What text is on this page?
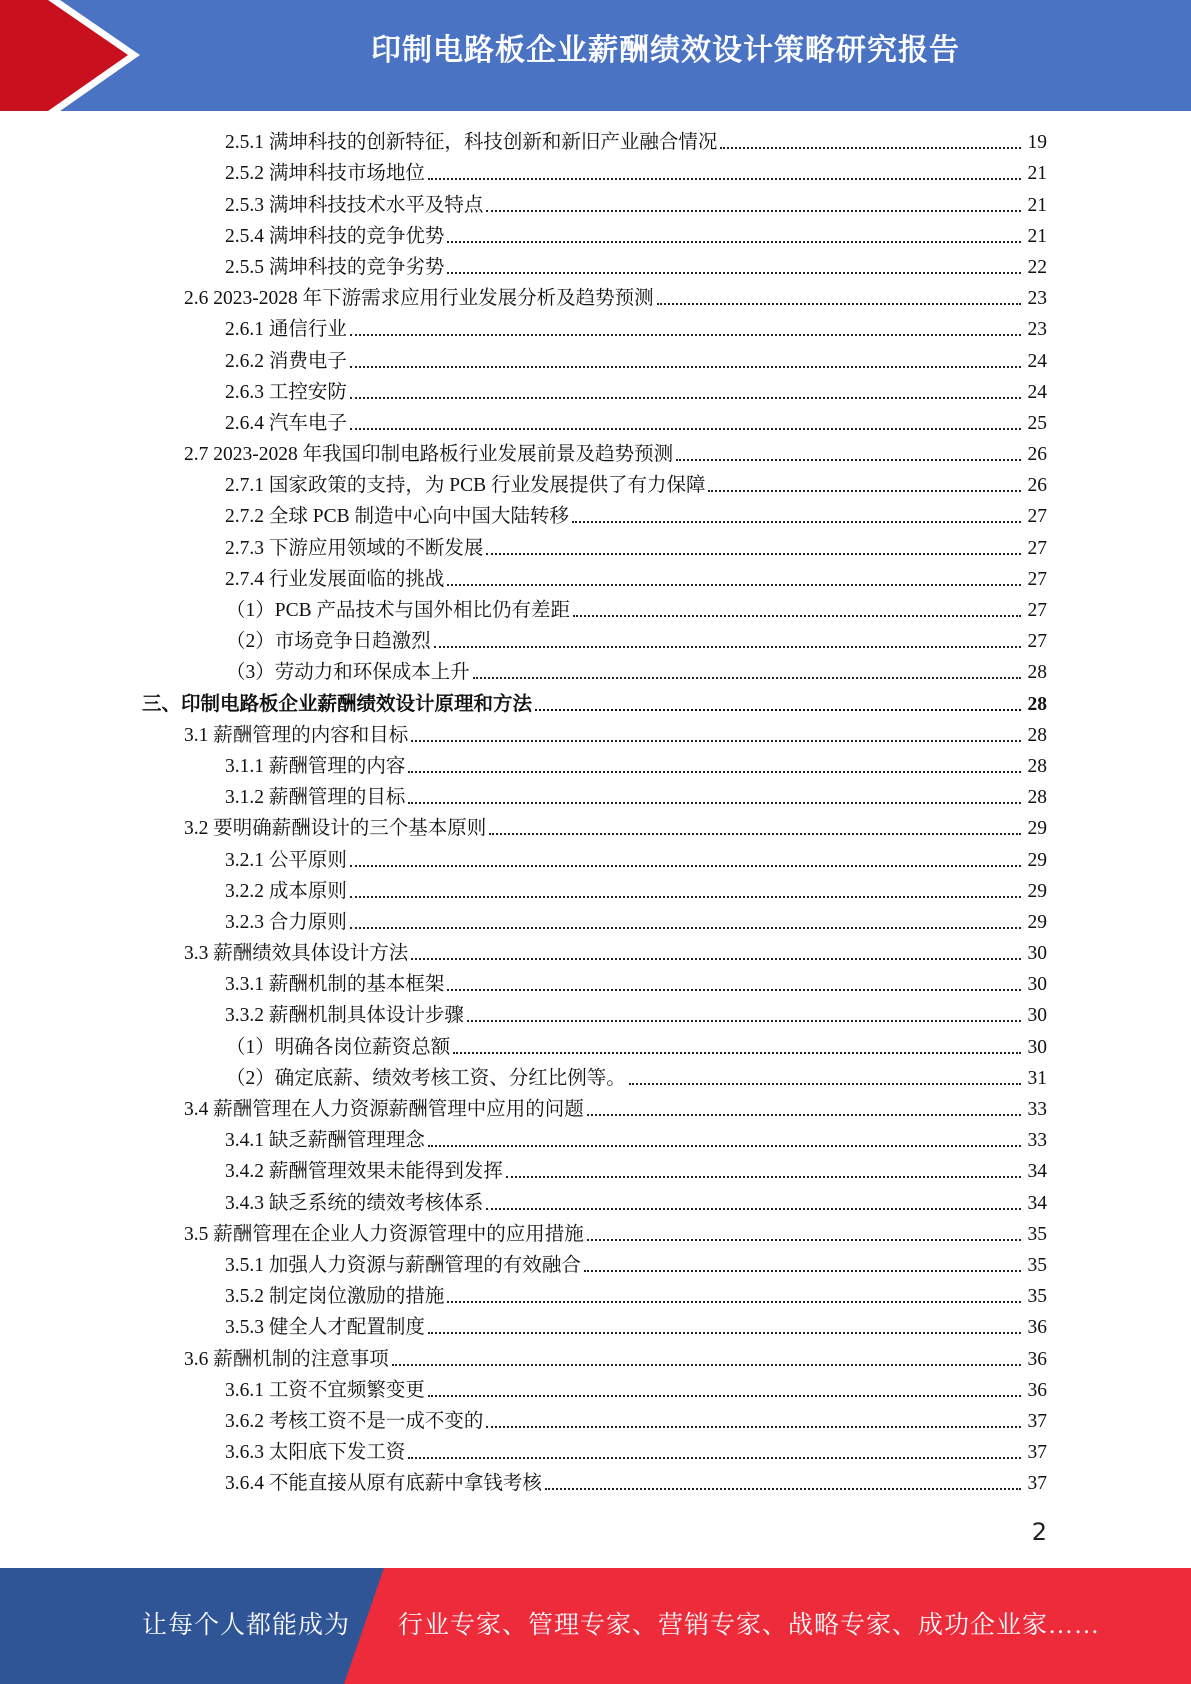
印制电路板企业薪酬绩效设计策略研究报告
2.5.1 满坤科技的创新特征，科技创新和新旧产业融合情况	19
2.5.2 满坤科技市场地位	21
2.5.3 满坤科技技术水平及特点	21
2.5.4 满坤科技的竞争优势	21
2.5.5 满坤科技的竞争劣势	22
2.6 2023-2028 年下游需求应用行业发展分析及趋势预测	23
2.6.1 通信行业	23
2.6.2 消费电子	24
2.6.3 工控安防	24
2.6.4 汽车电子	25
2.7 2023-2028 年我国印制电路板行业发展前景及趋势预测	26
2.7.1 国家政策的支持，为 PCB 行业发展提供了有力保障	26
2.7.2 全球 PCB 制造中心向中国大陆转移	27
2.7.3 下游应用领域的不断发展	27
2.7.4 行业发展面临的挑战	27
（1）PCB 产品技术与国外相比仍有差距	27
（2）市场竞争日趋激烈	27
（3）劳动力和环保成本上升	28
三、印制电路板企业薪酬绩效设计原理和方法	28
3.1 薪酬管理的内容和目标	28
3.1.1 薪酬管理的内容	28
3.1.2 薪酬管理的目标	28
3.2 要明确薪酬设计的三个基本原则	29
3.2.1 公平原则	29
3.2.2 成本原则	29
3.2.3 合力原则	29
3.3 薪酬绩效具体设计方法	30
3.3.1 薪酬机制的基本框架	30
3.3.2 薪酬机制具体设计步骤	30
（1）明确各岗位薪资总额	30
（2）确定底薪、绩效考核工资、分红比例等。	31
3.4 薪酬管理在人力资源薪酬管理中应用的问题	33
3.4.1 缺乏薪酬管理理念	33
3.4.2 薪酬管理效果未能得到发挥	34
3.4.3 缺乏系统的绩效考核体系	34
3.5 薪酬管理在企业人力资源管理中的应用措施	35
3.5.1 加强人力资源与薪酬管理的有效融合	35
3.5.2 制定岗位激励的措施	35
3.5.3 健全人才配置制度	36
3.6 薪酬机制的注意事项	36
3.6.1 工资不宜频繁变更	36
3.6.2 考核工资不是一成不变的	37
3.6.3 太阳底下发工资	37
3.6.4 不能直接从原有底薪中拿钱考核	37
2
让每个人都能成为 行业专家、管理专家、营销专家、战略专家、成功企业家……
